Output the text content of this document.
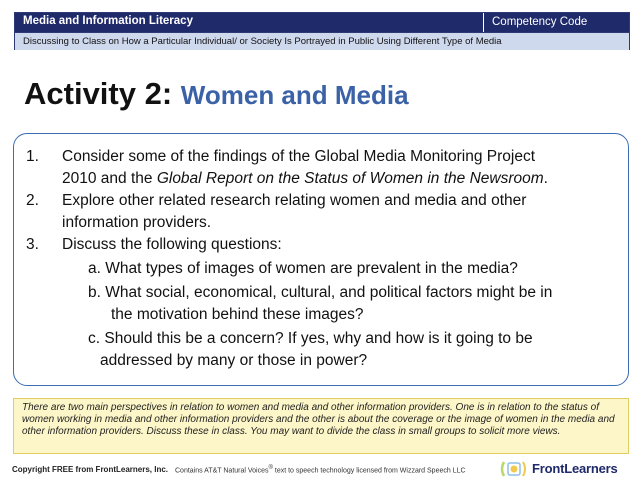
Media and Information Literacy	Competency Code
Discussing to Class on How a Particular Individual/ or Society Is Portrayed in Public Using Different Type of Media
Activity 2: Women and Media
1. Consider some of the findings of the Global Media Monitoring Project
2010 and the Global Report on the Status of Women in the Newsroom.
2. Explore other related research relating women and media and other
information providers.
3. Discuss the following questions:
a. What types of images of women are prevalent in the media?
b. What social, economical, cultural, and political factors might be in
the motivation behind these images?
c. Should this be a concern? If yes, why and how is it going to be
addressed by many or those in power?
There are two main perspectives in relation to women and media and other information providers. One is in relation to the status of women working in media and other information providers and the other is about the coverage or the image of women in the media and other information providers. Discuss these in class. You may want to divide the class in small groups to solicit more views.
Copyright FREE from FrontLearners, Inc. Contains AT&T Natural Voices® text to speech technology licensed from Wizzard Speech LLC	FrontLearners
